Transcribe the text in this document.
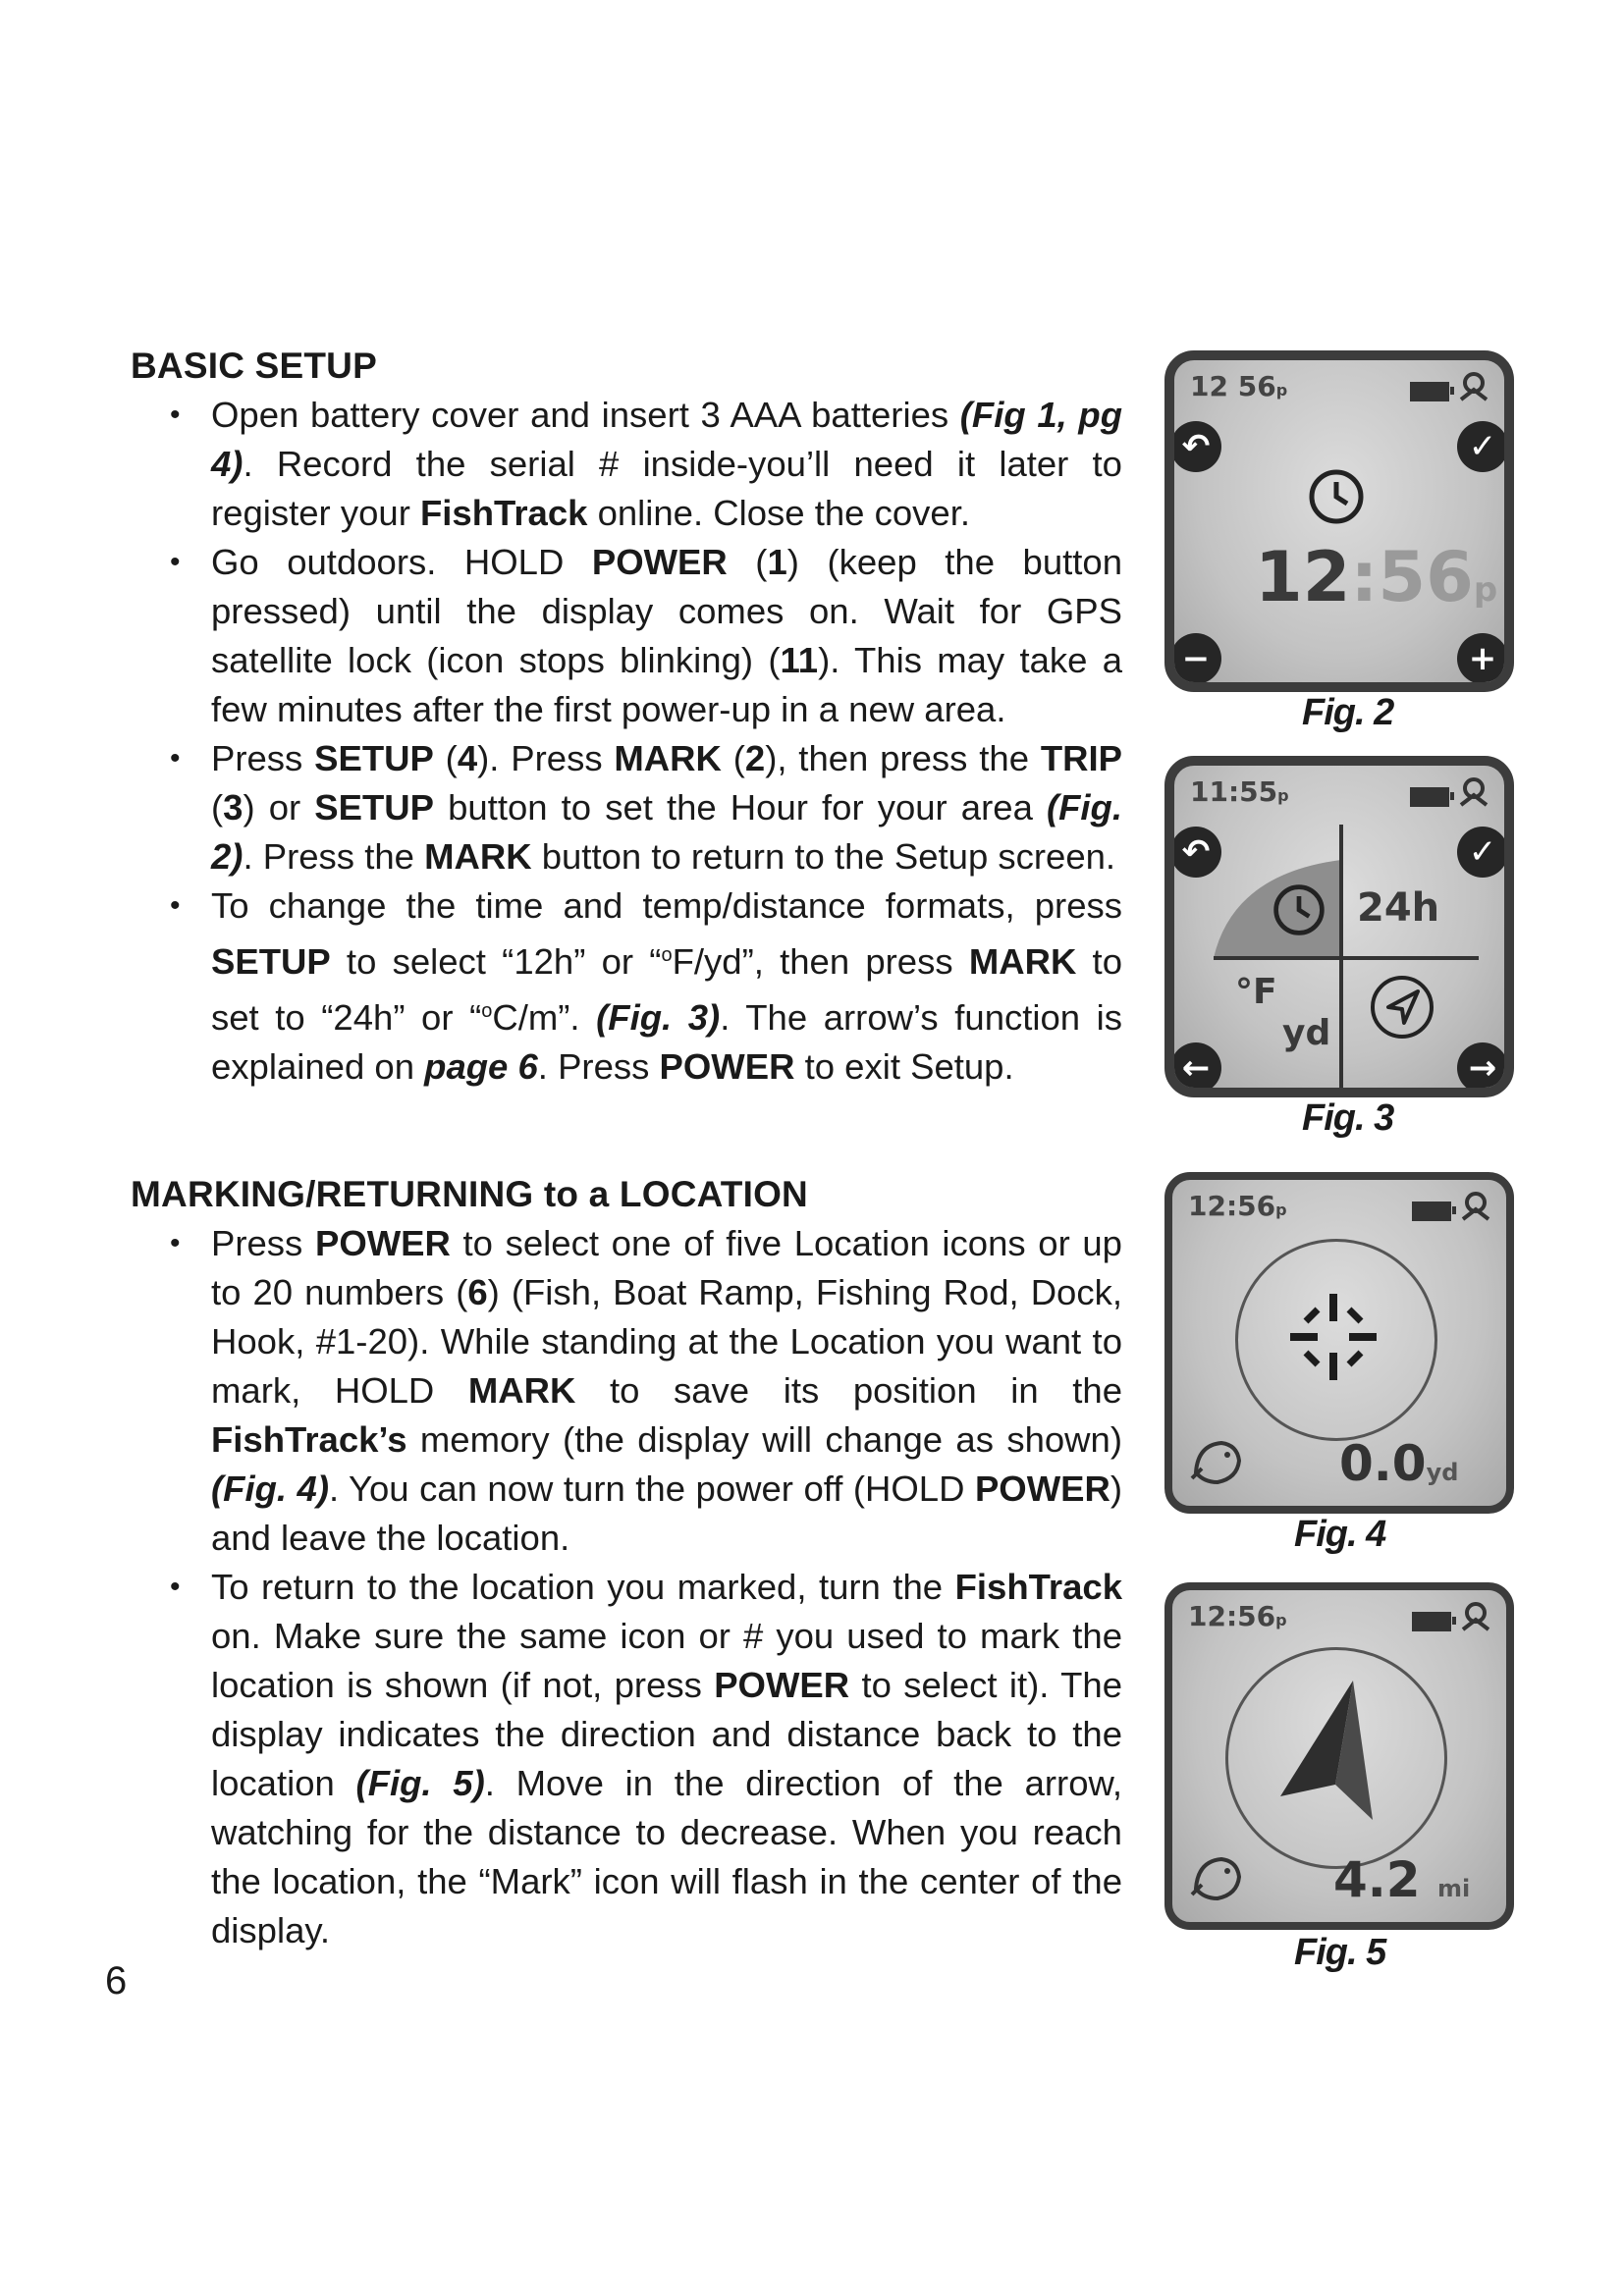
BASIC SETUP
• Open battery cover and insert 3 AAA batteries (Fig 1, pg 4). Record the serial # inside-you’ll need it later to register your FishTrack online. Close the cover.
• Go outdoors. HOLD POWER (1) (keep the button pressed) until the display comes on. Wait for GPS satellite lock (icon stops blinking) (11). This may take a few minutes after the first power-up in a new area.
• Press SETUP (4). Press MARK (2), then press the TRIP (3) or SETUP button to set the Hour for your area (Fig. 2). Press the MARK button to return to the Setup screen.
• To change the time and temp/distance formats, press SETUP to select “12h” or “$^o$F/yd”, then press MARK to set to “24h” or “$^o$C/m”. (Fig. 3). The arrow’s function is explained on page 6. Press POWER to exit Setup.
MARKING/RETURNING to a LOCATION
• Press POWER to select one of five Location icons or up to 20 numbers (6) (Fish, Boat Ramp, Fishing Rod, Dock, Hook, #1-20). While standing at the Location you want to mark, HOLD MARK to save its position in the FishTrack’s memory (the display will change as shown) (Fig. 4). You can now turn the power off (HOLD POWER) and leave the location.
• To return to the location you marked, turn the FishTrack on. Make sure the same icon or # you used to mark the location is shown (if not, press POWER to select it). The display indicates the direction and distance back to the location (Fig. 5). Move in the direction of the arrow, watching for the distance to decrease. When you reach the location, the “Mark” icon will flash in the center of the display.
6
12 56p
↶	✓
12:56p
−	+
Fig. 2
11:55p
↶	✓
24h
°F
yd
←	→
Fig. 3
12:56p
0.0yd
Fig. 4
12:56p
4.2 mi
Fig. 5
